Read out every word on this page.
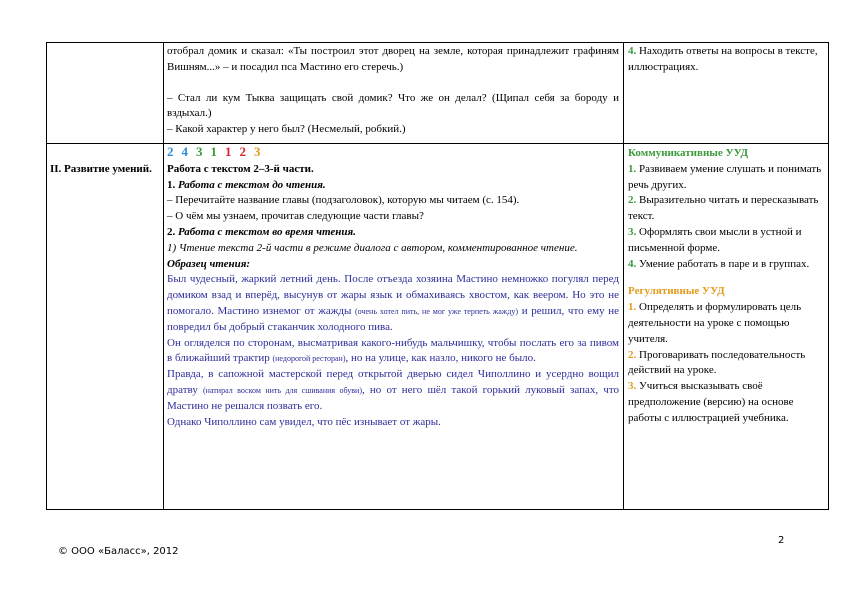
отобрал домик и сказал: «Ты построил этот дворец на земле, которая принадлежит графиням Вишням...» – и посадил пса Мастино его стеречь.)

– Стал ли кум Тыква защищать свой домик? Что же он делал? (Щипал себя за бороду и вздыхал.)

– Какой характер у него был? (Несмелый, робкий.)

4. Находить ответы на вопросы в тексте, иллюстрациях.

II. Развитие умений.

2 4 3 1 1 2 3

Работа с текстом 2–3-й части.

1. Работа с текстом до чтения.

– Перечитайте название главы (подзаголовок), которую мы читаем (с. 154).

– О чём мы узнаем, прочитав следующие части главы?

2. Работа с текстом во время чтения.

1) Чтение текста 2-й части в режиме диалога с автором, комментированное чтение.

Образец чтения:

Был чудесный, жаркий летний день. После отъезда хозяина Мастино немножко погулял перед домиком взад и вперёд, высунув от жары язык и обмахиваясь хвостом, как веером. Но это не помогало. Мастино изнемог от жажды (очень хотел пить, не мог уже терпеть жажду) и решил, что ему не повредил бы добрый стаканчик холодного пива.

Он огляделся по сторонам, высматривая какого-нибудь мальчишку, чтобы послать его за пивом в ближайший трактир (недорогой ресторан), но на улице, как назло, никого не было.

Правда, в сапожной мастерской перед открытой дверью сидел Чиполлино и усердно вощил дратву (натирал воском нить для сшивания обуви), но от него шёл такой горький луковый запах, что Мастино не решался позвать его.

Однако Чиполлино сам увидел, что пёс изнывает от жары.

Коммуникативные УУД

1. Развиваем умение слушать и понимать речь других.

2. Выразительно читать и пересказывать текст.

3. Оформлять свои мысли в устной и письменной форме.

4. Умение работать в паре и в группах.

Регулятивные УУД

1. Определять и формулировать цель деятельности на уроке с помощью учителя.

2. Проговаривать последовательность действий на уроке.

3. Учиться высказывать своё предположение (версию) на основе работы с иллюстрацией учебника.

2
© ООО «Баласс», 2012
